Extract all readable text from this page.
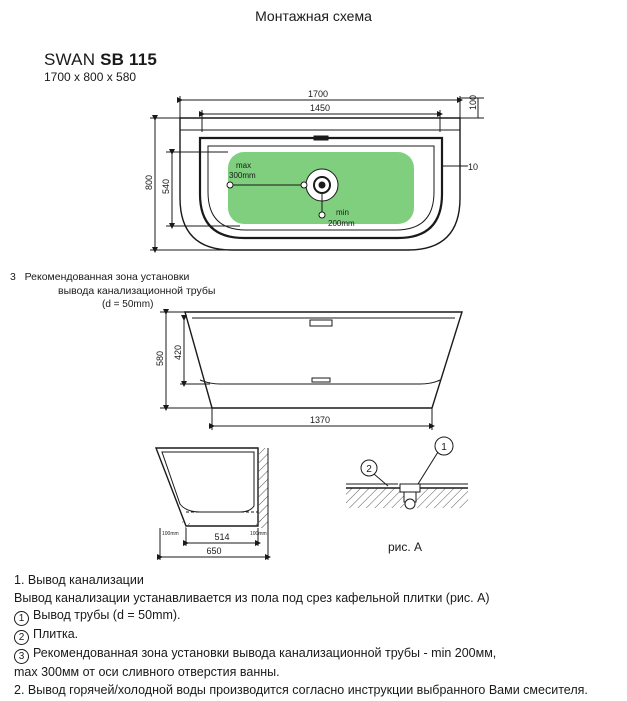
Монтажная схема
SWAN SB 115
1700 x 800 x 580
1700
1450	100
10
800 540
max
300mm
min
200mm
580 420
1370
514
650
100mm	100mm
1
2
3 Рекомендованная зона установки
вывода канализационной трубы
(d = 50mm)
рис. А
1. Вывод канализации
Вывод канализации устанавливается из пола под срез кафельной плитки (рис. А)
1 Вывод трубы (d = 50mm).
2 Плитка.
3 Рекомендованная зона установки вывода канализационной трубы - min 200мм,
max 300мм от оси сливного отверстия ванны.
2. Вывод горячей/холодной воды производится согласно инструкции выбранного Вами смесителя.
